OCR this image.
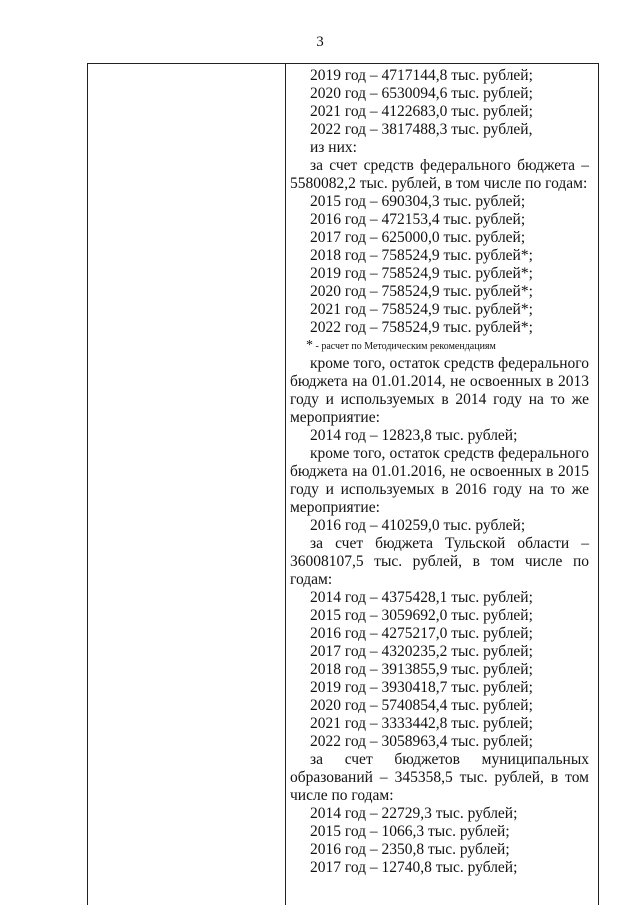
3
2019 год – 4717144,8 тыс. рублей;
2020 год – 6530094,6 тыс. рублей;
2021 год – 4122683,0 тыс. рублей;
2022 год – 3817488,3 тыс. рублей,
из них:

за счет средств федерального бюджета – 5580082,2 тыс. рублей, в том числе по годам:

2015 год – 690304,3 тыс. рублей;
2016 год – 472153,4 тыс. рублей;
2017 год – 625000,0 тыс. рублей;
2018 год – 758524,9 тыс. рублей*;
2019 год – 758524,9 тыс. рублей*;
2020 год – 758524,9 тыс. рублей*;
2021 год – 758524,9 тыс. рублей*;
2022 год – 758524,9 тыс. рублей*;
* - расчет по Методическим рекомендациям

кроме того, остаток средств федерального бюджета на 01.01.2014, не освоенных в 2013 году и используемых в 2014 году на то же мероприятие:

2014 год – 12823,8 тыс. рублей;

кроме того, остаток средств федерального бюджета на 01.01.2016, не освоенных в 2015 году и используемых в 2016 году на то же мероприятие:

2016 год – 410259,0 тыс. рублей;

за счет бюджета Тульской области – 36008107,5 тыс. рублей, в том числе по годам:

2014 год – 4375428,1 тыс. рублей;
2015 год – 3059692,0 тыс. рублей;
2016 год – 4275217,0 тыс. рублей;
2017 год – 4320235,2 тыс. рублей;
2018 год – 3913855,9 тыс. рублей;
2019 год – 3930418,7 тыс. рублей;
2020 год – 5740854,4 тыс. рублей;
2021 год – 3333442,8 тыс. рублей;
2022 год – 3058963,4 тыс. рублей;

за счет бюджетов муниципальных образований – 345358,5 тыс. рублей, в том числе по годам:

2014 год – 22729,3 тыс. рублей;
2015 год – 1066,3 тыс. рублей;
2016 год – 2350,8 тыс. рублей;
2017 год – 12740,8 тыс. рублей;
